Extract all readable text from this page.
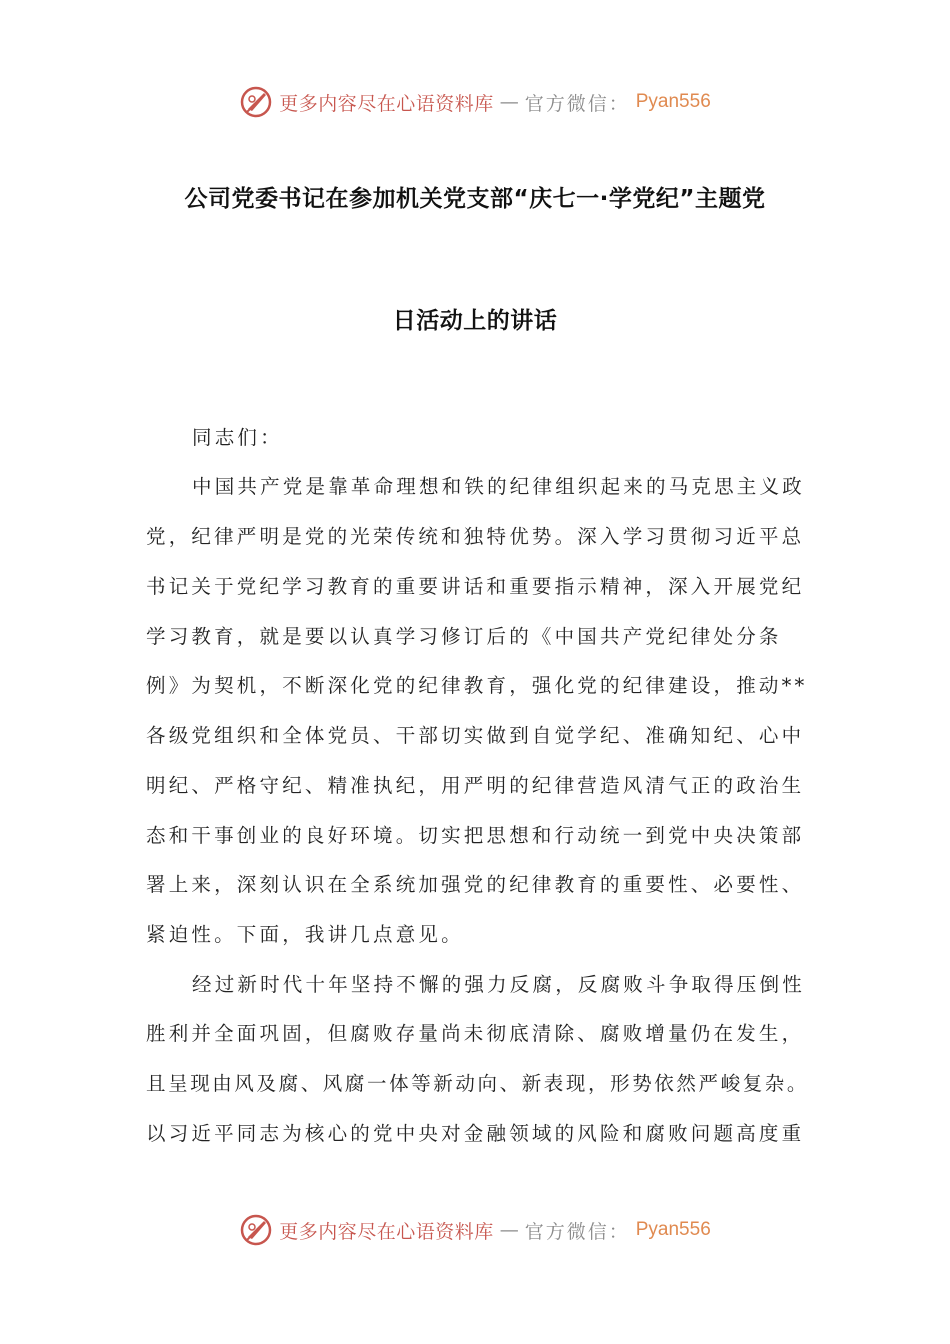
更多内容尽在心语资料库 — 官方微信： Pyan556
公司党委书记在参加机关党支部“庆七一·学党纪”主题党
日活动上的讲话
同志们：
中国共产党是靠革命理想和铁的纪律组织起来的马克思主义政
党，纪律严明是党的光荣传统和独特优势。深入学习贯彻习近平总
书记关于党纪学习教育的重要讲话和重要指示精神，深入开展党纪
学习教育，就是要以认真学习修订后的《中国共产党纪律处分条
例》为契机，不断深化党的纪律教育，强化党的纪律建设，推动**
各级党组织和全体党员、干部切实做到自觉学纪、准确知纪、心中
明纪、严格守纪、精准执纪，用严明的纪律营造风清气正的政治生
态和干事创业的良好环境。切实把思想和行动统一到党中央决策部
署上来，深刻认识在全系统加强党的纪律教育的重要性、必要性、
紧迫性。下面，我讲几点意见。
经过新时代十年坚持不懈的强力反腐，反腐败斗争取得压倒性
胜利并全面巩固，但腐败存量尚未彻底清除、腐败增量仍在发生，
且呈现由风及腐、风腐一体等新动向、新表现，形势依然严峻复杂。
以习近平同志为核心的党中央对金融领域的风险和腐败问题高度重
更多内容尽在心语资料库 — 官方微信： Pyan556
